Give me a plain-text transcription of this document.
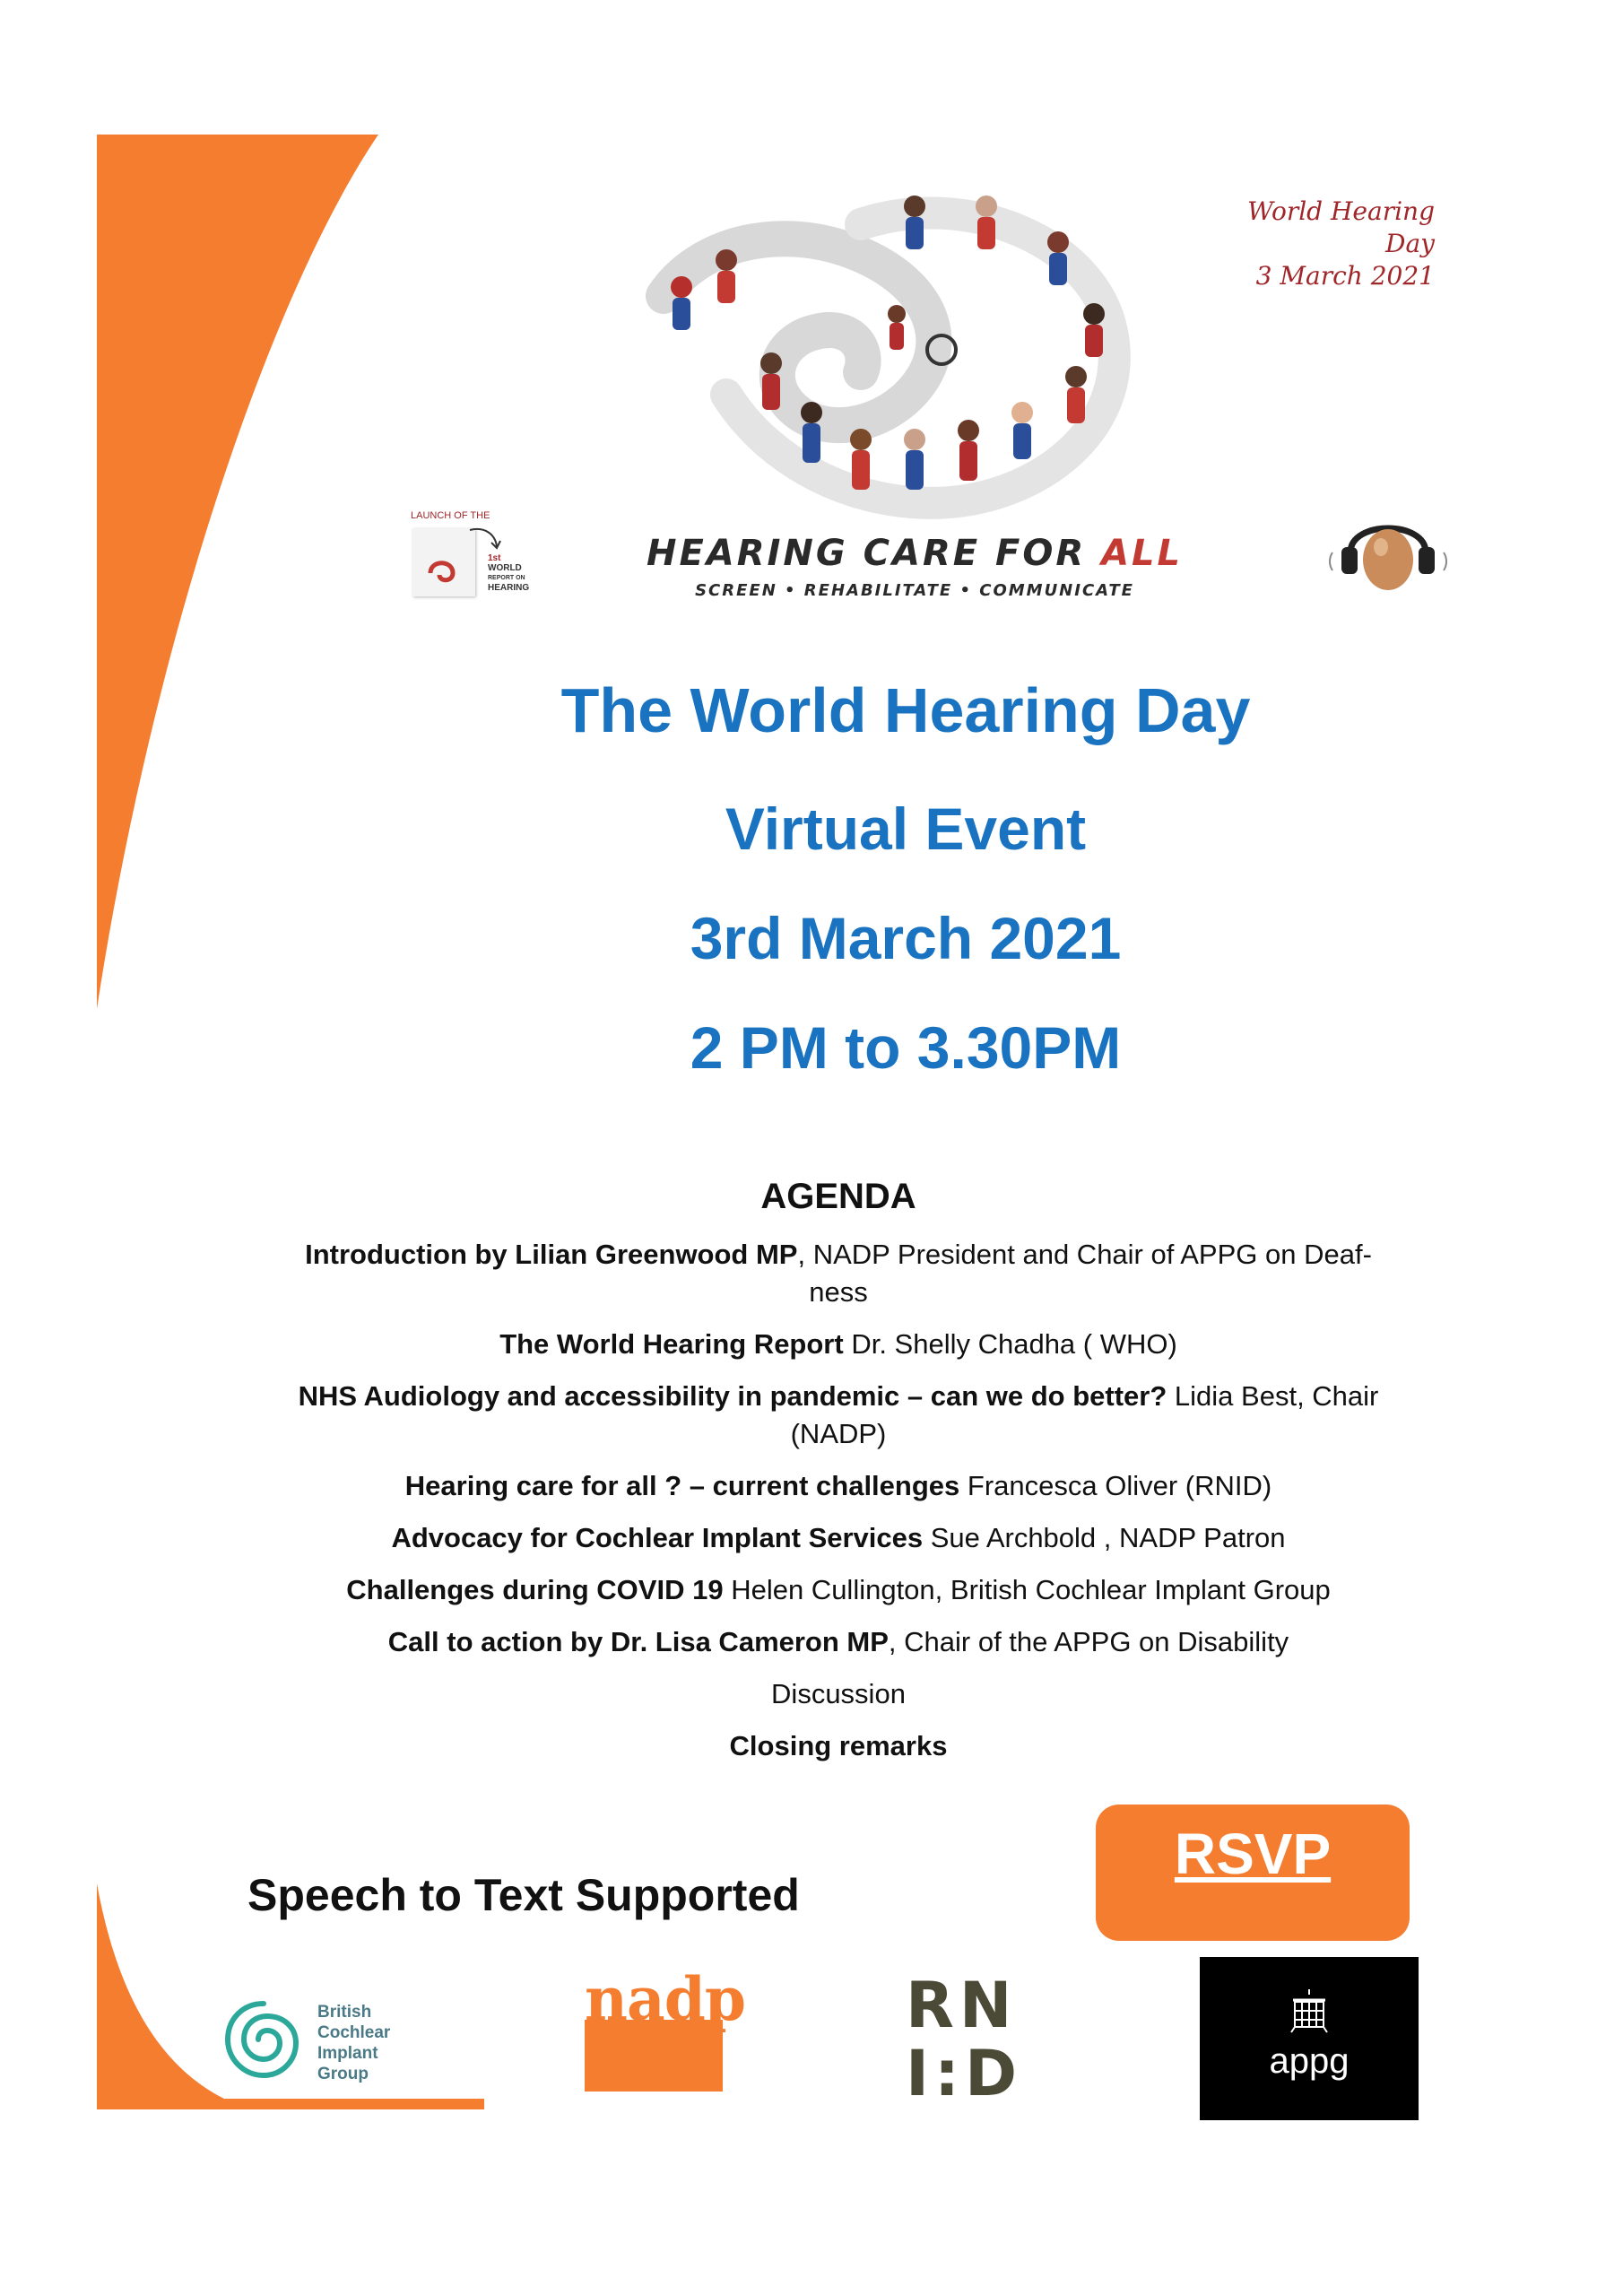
World Hearing Day
3 March 2021
LAUNCH OF THE
1st
WORLD
REPORT ON
HEARING
HEARING CARE FOR ALL
SCREEN • REHABILITATE • COMMUNICATE
The World Hearing Day
Virtual Event
3rd March 2021
2 PM to 3.30PM
AGENDA
Introduction by Lilian Greenwood MP, NADP President and Chair of APPG on Deaf-
ness
The World Hearing Report Dr. Shelly Chadha ( WHO)
NHS Audiology and accessibility in pandemic – can we do better? Lidia Best, Chair
(NADP)
Hearing care for all ? – current challenges Francesca Oliver (RNID)
Advocacy for Cochlear Implant Services Sue Archbold , NADP Patron
Challenges during COVID 19 Helen Cullington, British Cochlear Implant Group
Call to action by Dr. Lisa Cameron MP, Chair of the APPG on Disability
Discussion
Closing remarks
Speech to Text Supported
RSVP
British
Cochlear
Implant
Group
nadp	RN
I:D	appg
